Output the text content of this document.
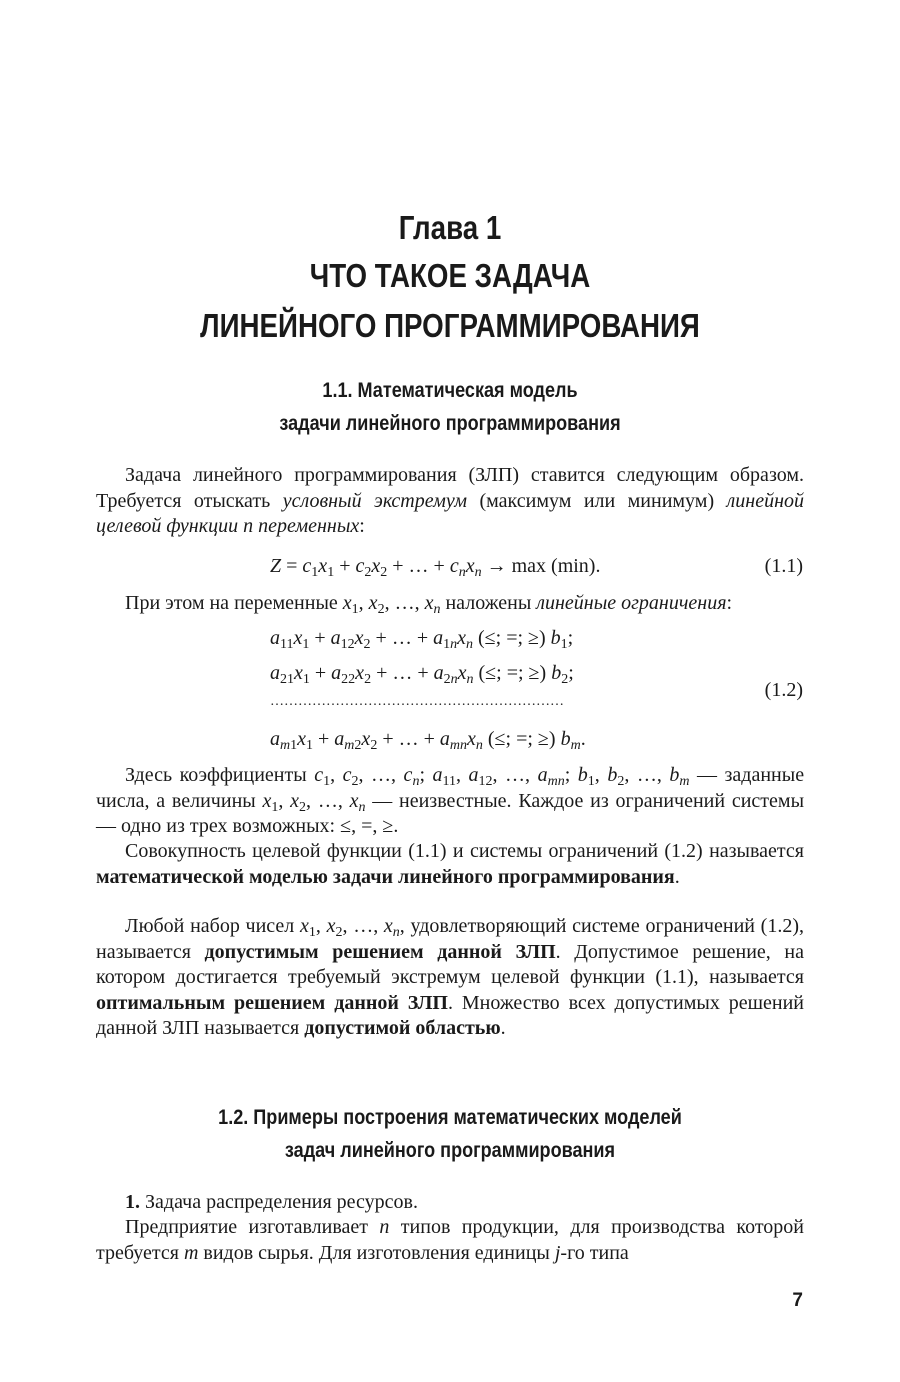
Глава 1
ЧТО ТАКОЕ ЗАДАЧА
ЛИНЕЙНОГО ПРОГРАММИРОВАНИЯ
1.1. Математическая модель
задачи линейного программирования

Задача линейного программирования (ЗЛП) ставится следующим образом. Требуется отыскать условный экстремум (максимум или минимум) линейной целевой функции n переменных:

$Z = c_1x_1 + c_2x_2$ + … + $c_nx_n \to \max (\min)$.	(1.1)

При этом на переменные $x_1$, $x_2$, …, $x_n$ наложены линейные ограничения:

$a_{11}x_1 + a_{12}x_2$ + … + $a_{1n}x_n$ (≤; =; ≥) $b_1$;
$a_{21}x_1 + a_{22}x_2$ + … + $a_{2n}x_n$ (≤; =; ≥) $b_2$;
………………………………………………………
$a_{m1}x_1 + a_{m2}x_2$ + … + $a_{mn}x_n$ (≤; =; ≥) $b_m$.
(1.2)

Здесь коэффициенты $c_1$, $c_2$, …, $c_n$; $a_{11}$, $a_{12}$, …, $a_{mn}$; $b_1$, $b_2$, …, $b_m$ — заданные числа, а величины $x_1$, $x_2$, …, $x_n$ — неизвестные. Каждое из ограничений системы — одно из трех возможных: ≤, =, ≥.

Совокупность целевой функции (1.1) и системы ограничений (1.2) называется математической моделью задачи линейного программирования.

Любой набор чисел $x_1$, $x_2$, …, $x_n$, удовлетворяющий системе ограничений (1.2), называется допустимым решением данной ЗЛП. Допустимое решение, на котором достигается требуемый экстремум целевой функции (1.1), называется оптимальным решением данной ЗЛП. Множество всех допустимых решений данной ЗЛП называется допустимой областью.

1.2. Примеры построения математических моделей
задач линейного программирования

1. Задача распределения ресурсов.

Предприятие изготавливает n типов продукции, для производства которой требуется m видов сырья. Для изготовления единицы j-го типа

7
